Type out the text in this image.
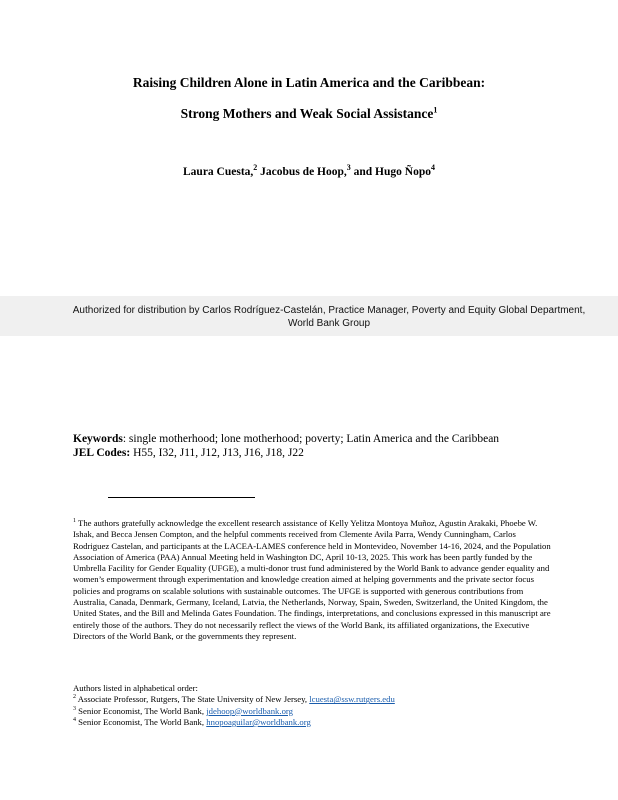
Raising Children Alone in Latin America and the Caribbean:
Strong Mothers and Weak Social Assistance$^1$
Laura Cuesta,$^2$ Jacobus de Hoop,$^3$ and Hugo Ñopo$^4$
Authorized for distribution by Carlos Rodríguez-Castelán, Practice Manager, Poverty and Equity Global Department,
World Bank Group
Keywords: single motherhood; lone motherhood; poverty; Latin America and the Caribbean
JEL Codes: H55, I32, J11, J12, J13, J16, J18, J22
$^1$ The authors gratefully acknowledge the excellent research assistance of Kelly Yelitza Montoya Muñoz, Agustin Arakaki, Phoebe W. Ishak, and Becca Jensen Compton, and the helpful comments received from Clemente Avila Parra, Wendy Cunningham, Carlos Rodriguez Castelan, and participants at the LACEA-LAMES conference held in Montevideo, November 14-16, 2024, and the Population Association of America (PAA) Annual Meeting held in Washington DC, April 10-13, 2025. This work has been partly funded by the Umbrella Facility for Gender Equality (UFGE), a multi-donor trust fund administered by the World Bank to advance gender equality and women’s empowerment through experimentation and knowledge creation aimed at helping governments and the private sector focus policies and programs on scalable solutions with sustainable outcomes. The UFGE is supported with generous contributions from Australia, Canada, Denmark, Germany, Iceland, Latvia, the Netherlands, Norway, Spain, Sweden, Switzerland, the United Kingdom, the United States, and the Bill and Melinda Gates Foundation. The findings, interpretations, and conclusions expressed in this manuscript are entirely those of the authors. They do not necessarily reflect the views of the World Bank, its affiliated organizations, the Executive Directors of the World Bank, or the governments they represent.
Authors listed in alphabetical order:
$^2$ Associate Professor, Rutgers, The State University of New Jersey, lcuesta@ssw.rutgers.edu
$^3$ Senior Economist, The World Bank, jdehoop@worldbank.org
$^4$ Senior Economist, The World Bank, hnopoaguilar@worldbank.org
